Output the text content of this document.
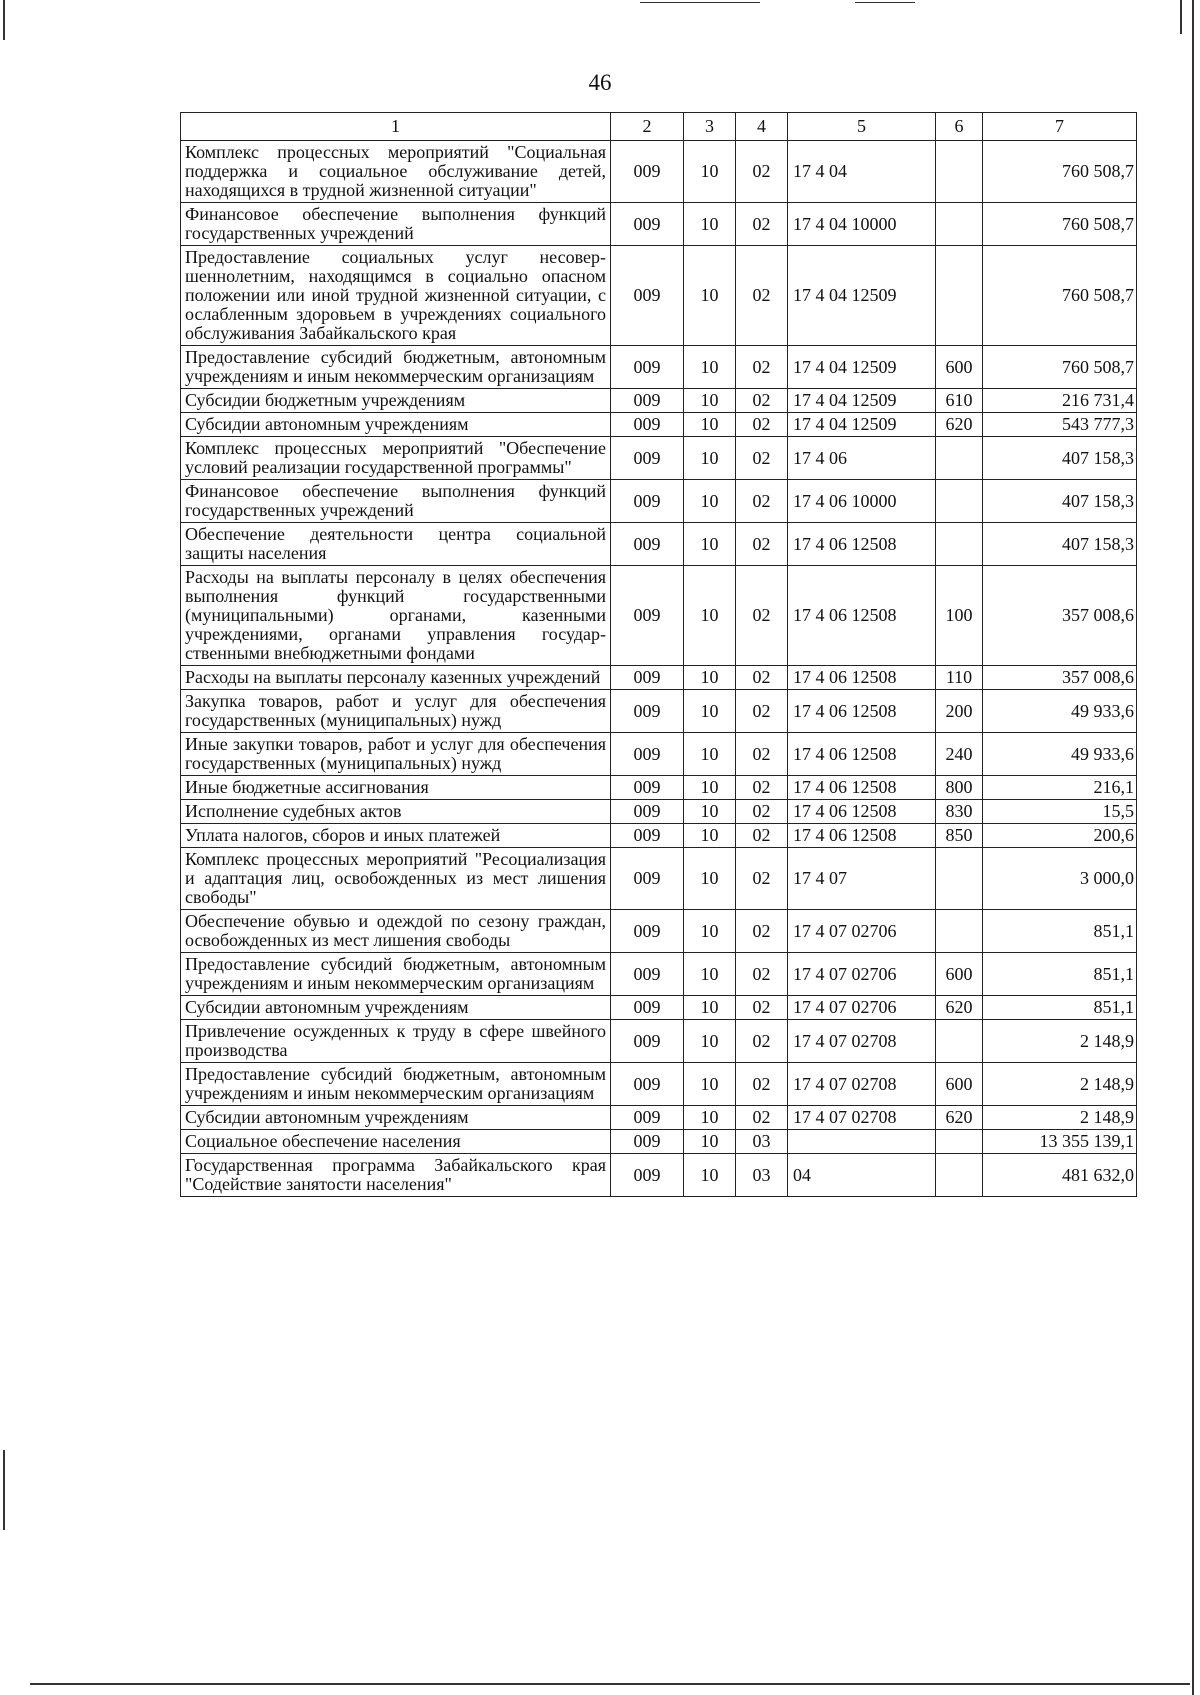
46
1	2	3	4	5	6	7
Комплекс процессных мероприятий "Социальная поддержка и социальное обслуживание детей, находящихся в трудной жизненной ситуации"	009	10	02	17 4 04		760 508,7
Финансовое обеспечение выполнения функций государственных учреждений	009	10	02	17 4 04 10000		760 508,7
Предоставление социальных услуг несовершеннолетним, находящимся в социально опасном положении или иной трудной жизненной ситуации, с ослабленным здоровьем в учреждениях социального обслуживания Забайкальского края	009	10	02	17 4 04 12509		760 508,7
Предоставление субсидий бюджетным, автономным учреждениям и иным некоммерческим организациям	009	10	02	17 4 04 12509	600	760 508,7
Субсидии бюджетным учреждениям	009	10	02	17 4 04 12509	610	216 731,4
Субсидии автономным учреждениям	009	10	02	17 4 04 12509	620	543 777,3
Комплекс процессных мероприятий "Обеспечение условий реализации государственной программы"	009	10	02	17 4 06		407 158,3
Финансовое обеспечение выполнения функций государственных учреждений	009	10	02	17 4 06 10000		407 158,3
Обеспечение деятельности центра социальной защиты населения	009	10	02	17 4 06 12508		407 158,3
Расходы на выплаты персоналу в целях обеспечения выполнения функций государственными (муниципальными) органами, казенными учреждениями, органами управления государственными внебюджетными фондами	009	10	02	17 4 06 12508	100	357 008,6
Расходы на выплаты персоналу казенных учреждений	009	10	02	17 4 06 12508	110	357 008,6
Закупка товаров, работ и услуг для обеспечения государственных (муниципальных) нужд	009	10	02	17 4 06 12508	200	49 933,6
Иные закупки товаров, работ и услуг для обеспечения государственных (муниципальных) нужд	009	10	02	17 4 06 12508	240	49 933,6
Иные бюджетные ассигнования	009	10	02	17 4 06 12508	800	216,1
Исполнение судебных актов	009	10	02	17 4 06 12508	830	15,5
Уплата налогов, сборов и иных платежей	009	10	02	17 4 06 12508	850	200,6
Комплекс процессных мероприятий "Ресоциализация и адаптация лиц, освобожденных из мест лишения свободы"	009	10	02	17 4 07		3 000,0
Обеспечение обувью и одеждой по сезону граждан, освобожденных из мест лишения свободы	009	10	02	17 4 07 02706		851,1
Предоставление субсидий бюджетным, автономным учреждениям и иным некоммерческим организациям	009	10	02	17 4 07 02706	600	851,1
Субсидии автономным учреждениям	009	10	02	17 4 07 02706	620	851,1
Привлечение осужденных к труду в сфере швейного производства	009	10	02	17 4 07 02708		2 148,9
Предоставление субсидий бюджетным, автономным учреждениям и иным некоммерческим организациям	009	10	02	17 4 07 02708	600	2 148,9
Субсидии автономным учреждениям	009	10	02	17 4 07 02708	620	2 148,9
Социальное обеспечение населения	009	10	03			13 355 139,1
Государственная программа Забайкальского края "Содействие занятости населения"	009	10	03	04		481 632,0
